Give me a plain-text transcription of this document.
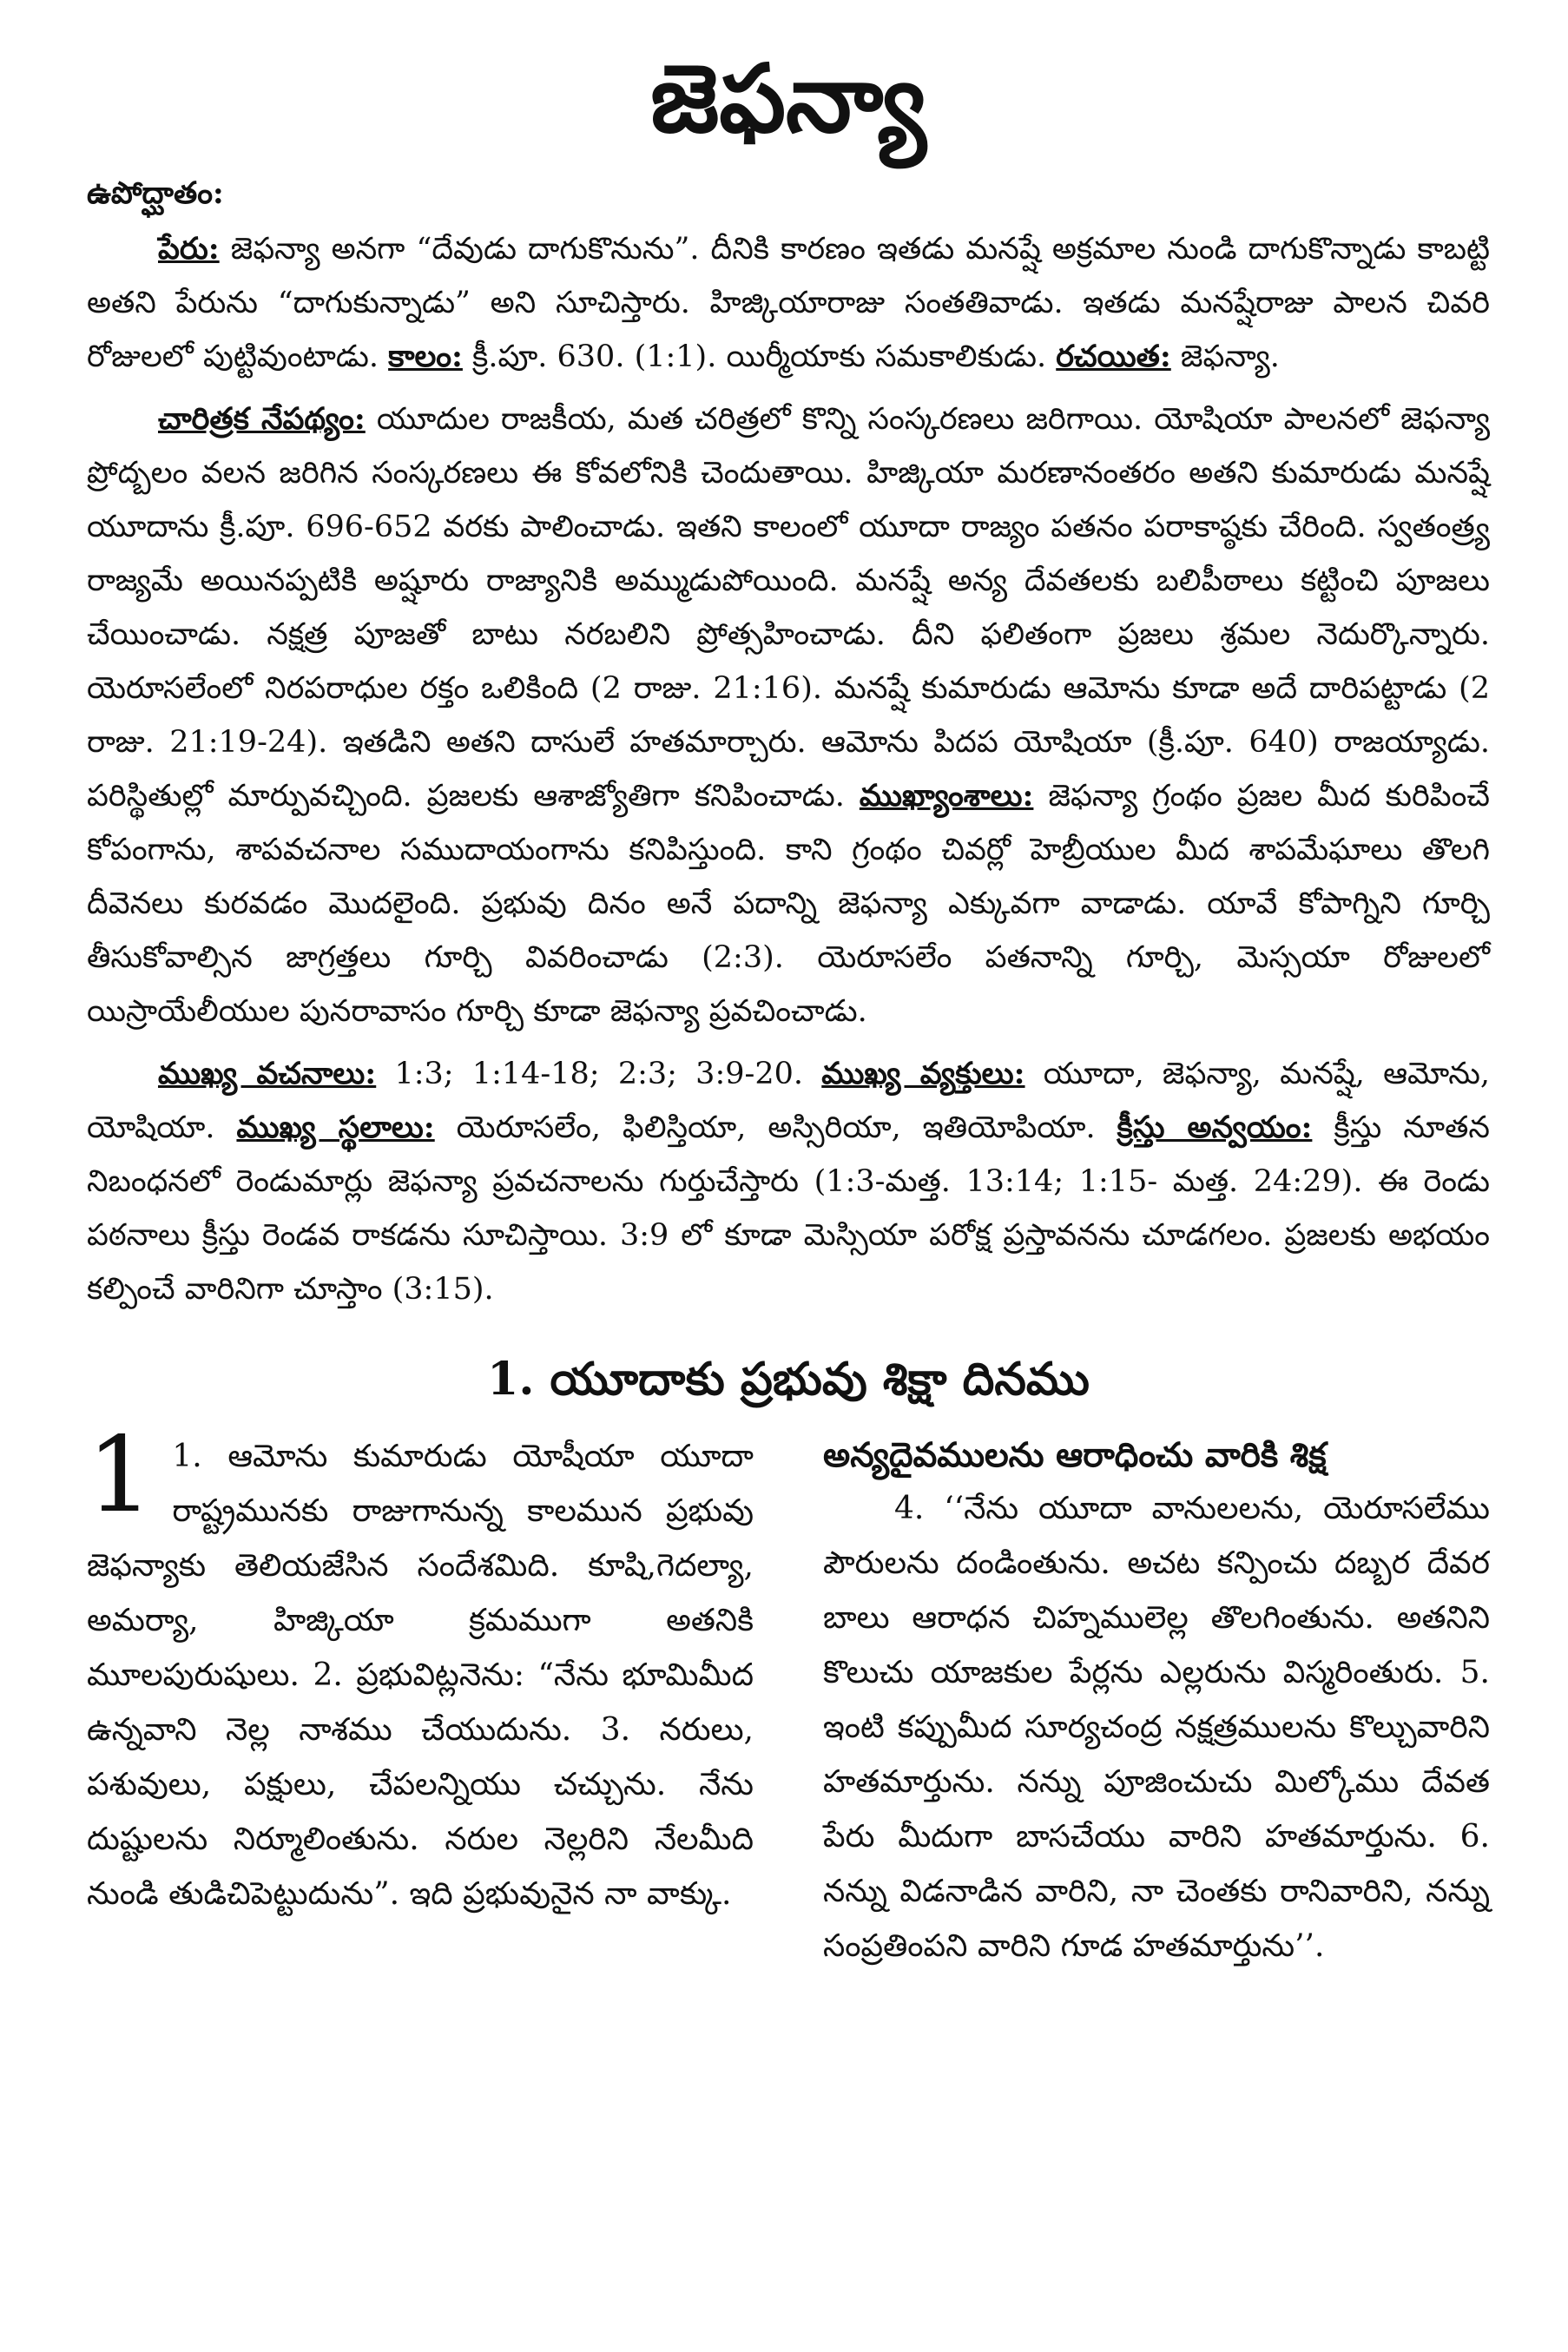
జెఫన్యా
ఉపోద్ఘాతం:

పేరు: జెఫన్యా అనగా “దేవుడు దాగుకొనును”. దీనికి కారణం ఇతడు మనష్షే అక్రమాల నుండి దాగుకొన్నాడు కాబట్టి అతని పేరును “దాగుకున్నాడు” అని సూచిస్తారు. హిజ్కియారాజు సంతతివాడు. ఇతడు మనష్షేరాజు పాలన చివరి రోజులలో పుట్టివుంటాడు. కాలం: క్రీ.పూ. 630. (1:1). యిర్మీయాకు సమకాలికుడు. రచయిత: జెఫన్యా.

చారిత్రక నేపథ్యం: యూదుల రాజకీయ, మత చరిత్రలో కొన్ని సంస్కరణలు జరిగాయి. యోషియా పాలనలో జెఫన్యా ప్రోద్బలం వలన జరిగిన సంస్కరణలు ఈ కోవలోనికి చెందుతాయి. హిజ్కియా మరణానంతరం అతని కుమారుడు మనష్షే యూదాను క్రీ.పూ. 696-652 వరకు పాలించాడు. ఇతని కాలంలో యూదా రాజ్యం పతనం పరాకాష్ఠకు చేరింది. స్వతంత్ర్య రాజ్యమే అయినప్పటికి అష్షూరు రాజ్యానికి అమ్ముడుపోయింది. మనష్షే అన్య దేవతలకు బలిపీఠాలు కట్టించి పూజలు చేయించాడు. నక్షత్ర పూజతో బాటు నరబలిని ప్రోత్సహించాడు. దీని ఫలితంగా ప్రజలు శ్రమల నెదుర్కొన్నారు. యెరూసలేంలో నిరపరాధుల రక్తం ఒలికింది (2 రాజు. 21:16). మనష్షే కుమారుడు ఆమోను కూడా అదే దారిపట్టాడు (2 రాజు. 21:19-24). ఇతడిని అతని దాసులే హతమార్చారు. ఆమోను పిదప యోషియా (క్రీ.పూ. 640) రాజయ్యాడు. పరిస్థితుల్లో మార్పువచ్చింది. ప్రజలకు ఆశాజ్యోతిగా కనిపించాడు. ముఖ్యాంశాలు: జెఫన్యా గ్రంథం ప్రజల మీద కురిపించే కోపంగాను, శాపవచనాల సముదాయంగాను కనిపిస్తుంది. కాని గ్రంథం చివర్లో హెబ్రీయుల మీద శాపమేఘాలు తొలగి దీవెనలు కురవడం మొదలైంది. ప్రభువు దినం అనే పదాన్ని జెఫన్యా ఎక్కువగా వాడాడు. యావే కోపాగ్నిని గూర్చి తీసుకోవాల్సిన జాగ్రత్తలు గూర్చి వివరించాడు (2:3). యెరూసలేం పతనాన్ని గూర్చి, మెస్సయా రోజులలో యిస్రాయేలీయుల పునరావాసం గూర్చి కూడా జెఫన్యా ప్రవచించాడు.

ముఖ్య వచనాలు: 1:3; 1:14-18; 2:3; 3:9-20. ముఖ్య వ్యక్తులు: యూదా, జెఫన్యా, మనష్షే, ఆమోను, యోషియా. ముఖ్య స్థలాలు: యెరూసలేం, ఫిలిస్తియా, అస్సిరియా, ఇతియోపియా. క్రీస్తు అన్వయం: క్రీస్తు నూతన నిబంధనలో రెండుమార్లు జెఫన్యా ప్రవచనాలను గుర్తుచేస్తారు (1:3-మత్త. 13:14; 1:15- మత్త. 24:29). ఈ రెండు పఠనాలు క్రీస్తు రెండవ రాకడను సూచిస్తాయి. 3:9 లో కూడా మెస్సియా పరోక్ష ప్రస్తావనను చూడగలం. ప్రజలకు అభయం కల్పించే వారినిగా చూస్తాం (3:15).

1. యూదాకు ప్రభువు శిక్షా దినము
1 1. ఆమోను కుమారుడు యోషీయా యూదా రాష్ట్రమునకు రాజుగానున్న కాలమున ప్రభువు జెఫన్యాకు తెలియజేసిన సందేశమిది. కూషి,గెదల్యా, అమర్యా, హిజ్కియా క్రమముగా అతనికి మూలపురుషులు. 2. ప్రభువిట్లనెను: “నేను భూమిమీద ఉన్నవాని నెల్ల నాశము చేయుదును. 3. నరులు, పశువులు, పక్షులు, చేపలన్నియు చచ్చును. నేను దుష్టులను నిర్మూలింతును. నరుల నెల్లరిని నేలమీది నుండి తుడిచిపెట్టుదును”. ఇది ప్రభువునైన నా వాక్కు.
అన్యదైవములను ఆరాధించు వారికి శిక్ష

4. ‘‘నేను యూదా వానులలను, యెరూసలేము పౌరులను దండింతును. అచట కన్పించు దబ్బర దేవర బాలు ఆరాధన చిహ్నములెల్ల తొలగింతును. అతనిని కొలుచు యాజకుల పేర్లను ఎల్లరును విస్మరింతురు. 5. ఇంటి కప్పుమీద సూర్యచంద్ర నక్షత్రములను కొల్చువారిని హతమార్తును. నన్ను పూజించుచు మిల్కోము దేవత పేరు మీదుగా బాసచేయు వారిని హతమార్తును. 6. నన్ను విడనాడిన వారిని, నా చెంతకు రానివారిని, నన్ను సంప్రతింపని వారిని గూడ హతమార్తును’’.
